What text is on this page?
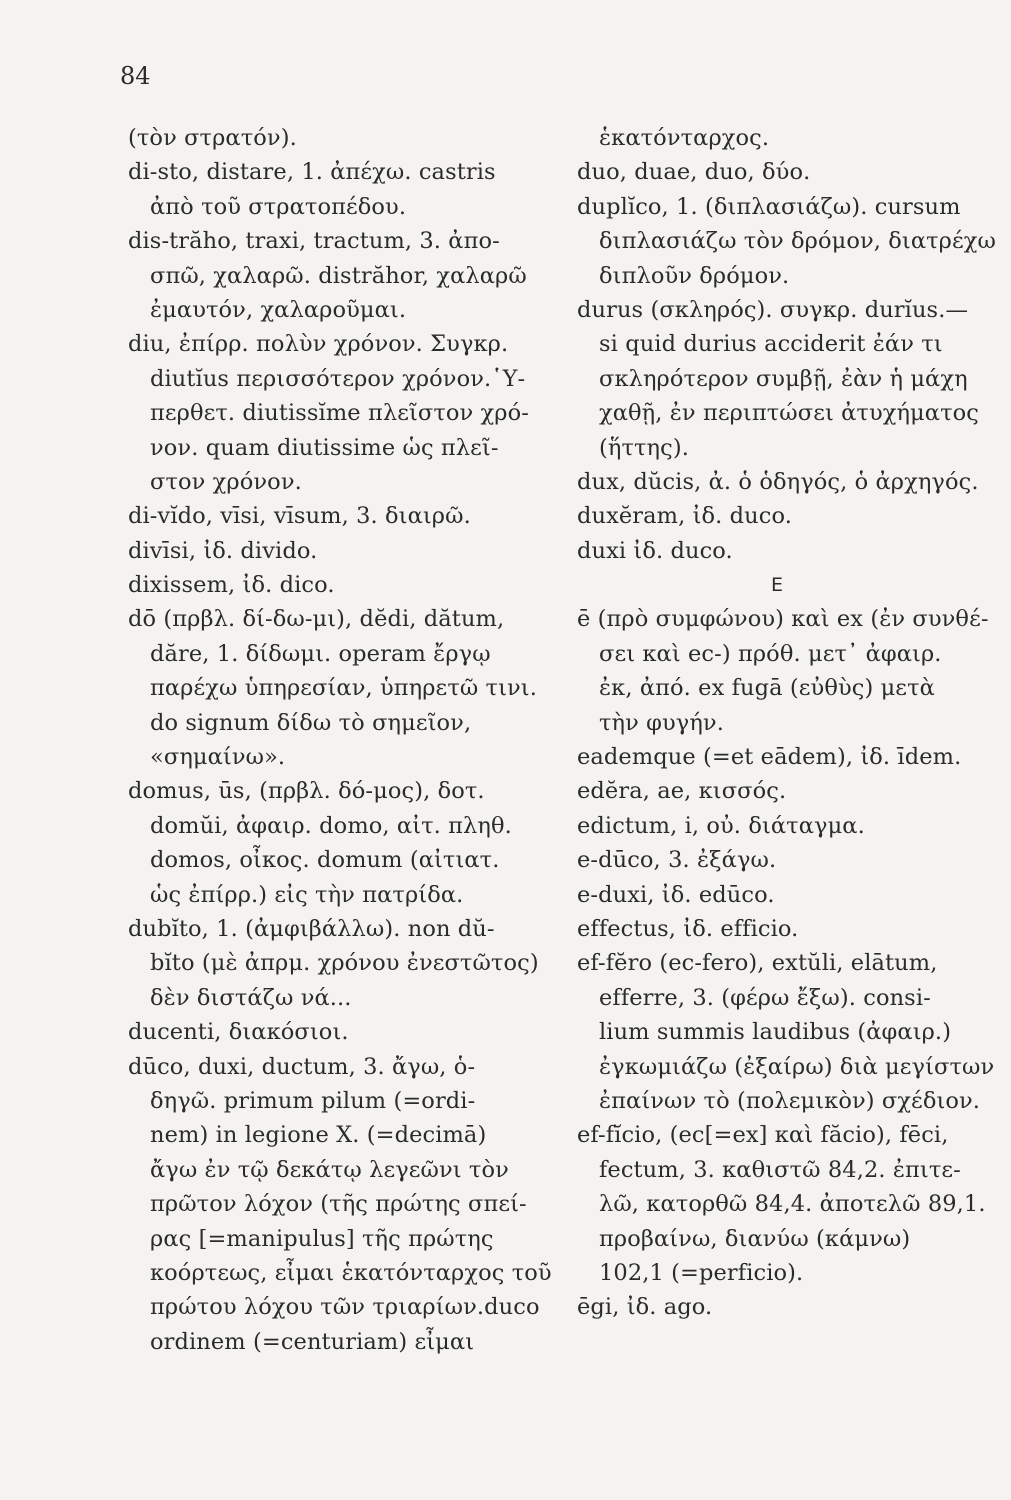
84
(τὸν στρατόν).
di-sto, distare, 1. ἀπέχω. castris
ἀπὸ τοῦ στρατοπέδου.
dis-trăho, traxi, tractum, 3. ἀπο-
σπῶ, χαλαρῶ. distrăhor, χαλαρῶ
ἐμαυτόν, χαλαροῦμαι.
diu, ἐπίρρ. πολὺν χρόνον. Συγκρ.
diutĭus περισσότερον χρόνον.῾Υ-
περθετ. diutissĭme πλεῖστον χρό-
νον. quam diutissime ὡς πλεῖ-
στον χρόνον.
di-vĭdo, vīsi, vīsum, 3. διαιρῶ.
divīsi, ἰδ. divido.
dixissem, ἰδ. dico.
dō (πρβλ. δί-δω-μι), dĕdi, dătum,
dăre, 1. δίδωμι. operam ἔργῳ
παρέχω ὑπηρεσίαν, ὑπηρετῶ τινι.
do signum δίδω τὸ σημεῖον,
«σημαίνω».
domus, ūs, (πρβλ. δό-μος), δοτ.
domŭi, ἀφαιρ. domo, αἰτ. πληθ.
domos, οἶκος. domum (αἰτιατ.
ὡς ἐπίρρ.) εἰς τὴν πατρίδα.
dubĭto, 1. (ἀμφιβάλλω). non dŭ-
bĭto (μὲ ἀπρμ. χρόνου ἐνεστῶτος)
δὲν διστάζω νά...
ducenti, διακόσιοι.
dūco, duxi, ductum, 3. ἄγω, ὁ-
δηγῶ. primum pilum (=ordi-
nem) in legione X. (=decimā)
ἄγω ἐν τῷ δεκάτῳ λεγεῶνι τὸν
πρῶτον λόχον (τῆς πρώτης σπεί-
ρας [=manipulus] τῆς πρώτης
κοόρτεως, εἶμαι ἑκατόνταρχος τοῦ
πρώτου λόχου τῶν τριαρίων.duco
ordinem (=centuriam) εἶμαι
ἑκατόνταρχος.
duo, duae, duo, δύο.
duplĭco, 1. (διπλασιάζω). cursum
διπλασιάζω τὸν δρόμον, διατρέχω
διπλοῦν δρόμον.
durus (σκληρός). συγκρ. durĭus.—
si quid durius acciderit ἐάν τι
σκληρότερον συμβῇ, ἐὰν ἡ μάχη
χαθῇ, ἐν περιπτώσει ἀτυχήματος
(ἥττης).
dux, dŭcis, ἀ. ὁ ὁδηγός, ὁ ἀρχηγός.
duxĕram, ἰδ. duco.
duxi ἰδ. duco.
E
ē (πρὸ συμφώνου) καὶ ex (ἐν συνθέ-
σει καὶ ec-) πρόθ. μετ᾽ ἀφαιρ.
ἐκ, ἀπό. ex fugā (εὐθὺς) μετὰ
τὴν φυγήν.
eademque (=et eādem), ἰδ. īdem.
edĕra, ae, κισσός.
edictum, i, οὐ. διάταγμα.
e-dūco, 3. ἐξάγω.
e-duxi, ἰδ. edūco.
effectus, ἰδ. efficio.
ef-fĕro (ec-fero), extŭli, elātum,
efferre, 3. (φέρω ἔξω). consi-
lium summis laudibus (ἀφαιρ.)
ἐγκωμιάζω (ἐξαίρω) διὰ μεγίστων
ἐπαίνων τὸ (πολεμικὸν) σχέδιον.
ef-fĭcio, (ec[=ex] καὶ făcio), fēci,
fectum, 3. καθιστῶ 84,2. ἐπιτε-
λῶ, κατορθῶ 84,4. ἀποτελῶ 89,1.
προβαίνω, διανύω (κάμνω)
102,1 (=perficio).
ēgi, ἰδ. ago.
